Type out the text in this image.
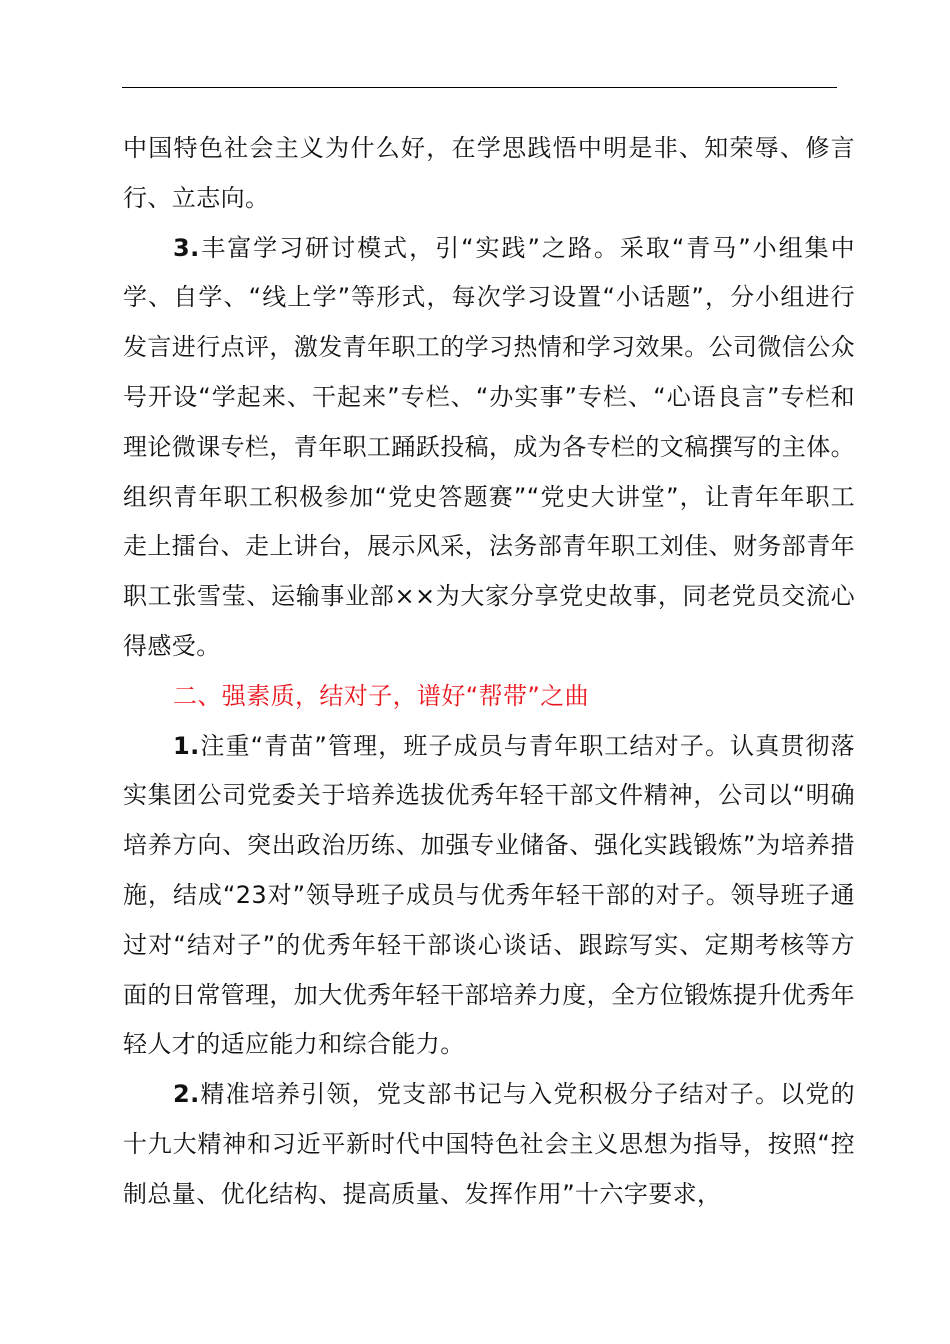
中国特色社会主义为什么好，在学思践悟中明是非、知荣辱、修言行、立志向。

3.丰富学习研讨模式，引“实践”之路。采取“青马”小组集中学、自学、“线上学”等形式，每次学习设置“小话题”，分小组进行发言进行点评，激发青年职工的学习热情和学习效果。公司微信公众号开设“学起来、干起来”专栏、“办实事”专栏、“心语良言”专栏和理论微课专栏，青年职工踊跃投稿，成为各专栏的文稿撰写的主体。组织青年职工积极参加“党史答题赛”“党史大讲堂”，让青年年职工走上擂台、走上讲台，展示风采，法务部青年职工刘佳、财务部青年职工张雪莹、运输事业部××为大家分享党史故事，同老党员交流心得感受。

二、强素质，结对子，谱好“帮带”之曲

1.注重“青苗”管理，班子成员与青年职工结对子。认真贯彻落实集团公司党委关于培养选拔优秀年轻干部文件精神，公司以“明确培养方向、突出政治历练、加强专业储备、强化实践锻炼”为培养措施，结成“23对”领导班子成员与优秀年轻干部的对子。领导班子通过对“结对子”的优秀年轻干部谈心谈话、跟踪写实、定期考核等方面的日常管理，加大优秀年轻干部培养力度，全方位锻炼提升优秀年轻人才的适应能力和综合能力。

2.精准培养引领，党支部书记与入党积极分子结对子。以党的十九大精神和习近平新时代中国特色社会主义思想为指导，按照“控制总量、优化结构、提高质量、发挥作用”十六字要求，
